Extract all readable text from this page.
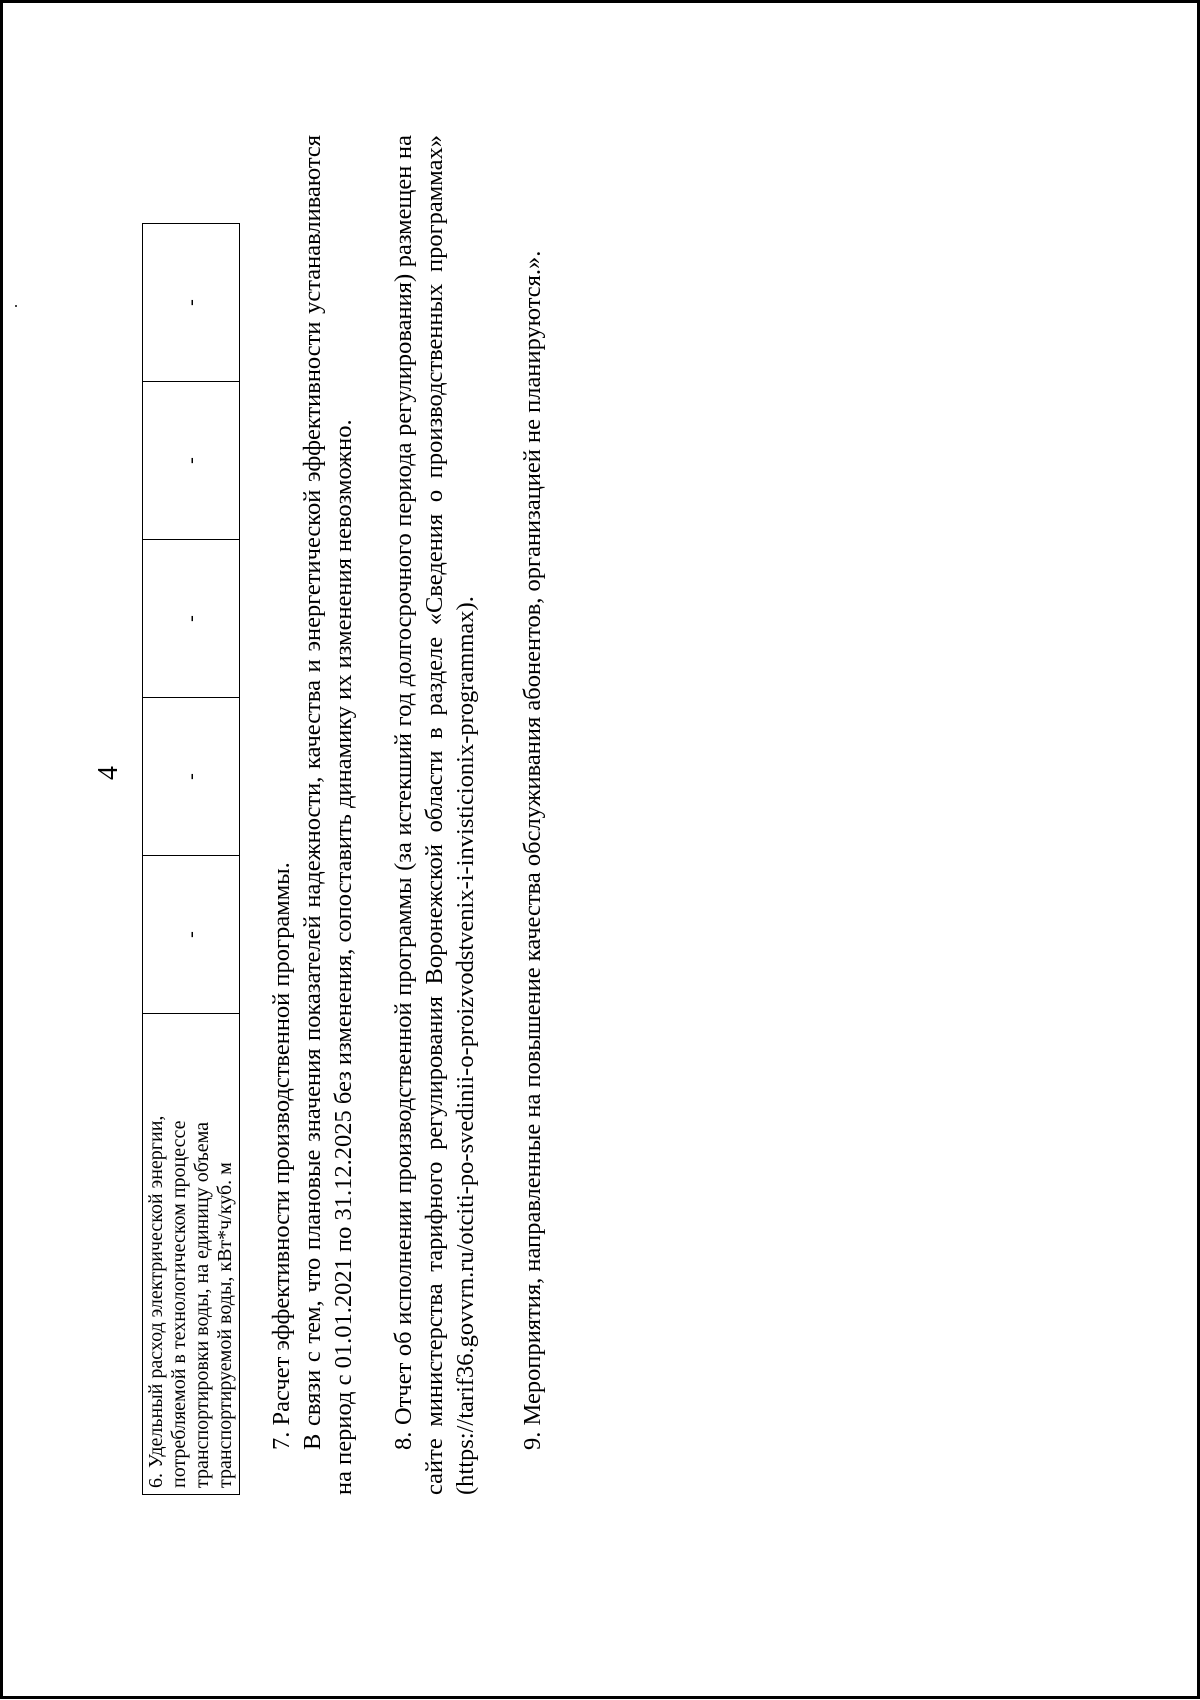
4
6. Удельный расход электрической энергии, потребляемой в технологическом процессе транспортировки воды, на единицу объема транспортируемой воды, кВт*ч/куб. м	-	-	-	-	-

7. Расчет эффективности производственной программы. В связи с тем, что плановые значения показателей надежности, качества и энергетической эффективности устанавливаются на период с 01.01.2021 по 31.12.2025 без изменения, сопоставить динамику их изменения невозможно. 8. Отчет об исполнении производственной программы (за истекший год долгосрочного периода регулирования) размещен на сайте министерства тарифного регулирования Воронежской области в разделе «Сведения о производственных программах» (https://tarif36.govvrn.ru/otciti-po-svedinii-o-proizvodstvenix-i-invisticionix-programmax). 9. Мероприятия, направленные на повышение качества обслуживания абонентов, организацией не планируются.».
